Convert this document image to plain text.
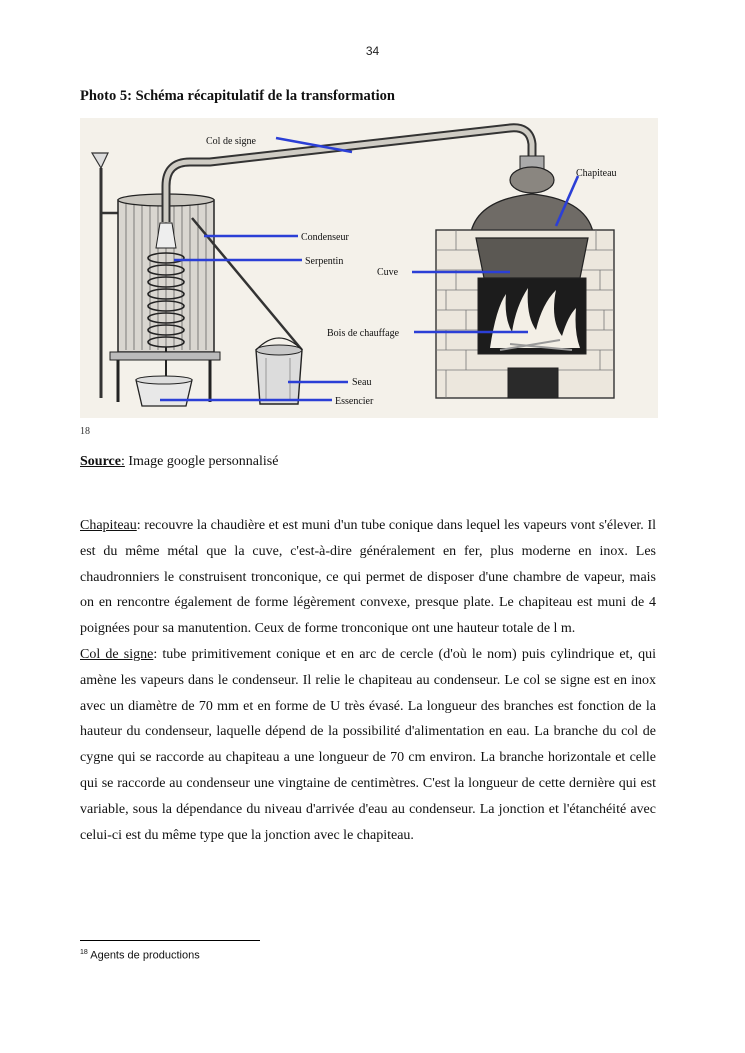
34
Photo 5: Schéma récapitulatif de la transformation
Col de signe
Chapiteau
Condenseur
Serpentin
Cuve
Bois de chauffage
Seau
Essencier
18
Source: Image google personnalisé

Chapiteau: recouvre la chaudière et est muni d'un tube conique dans lequel les vapeurs vont s'élever. Il est du même métal que la cuve, c'est-à-dire généralement en fer, plus moderne en inox. Les chaudronniers le construisent tronconique, ce qui permet de disposer d'une chambre de vapeur, mais on en rencontre également de forme légèrement convexe, presque plate. Le chapiteau est muni de 4 poignées pour sa manutention. Ceux de forme tronconique ont une hauteur totale de l m.

Col de signe: tube primitivement conique et en arc de cercle (d'où le nom) puis cylindrique et, qui amène les vapeurs dans le condenseur. Il relie le chapiteau au condenseur. Le col se signe est en inox avec un diamètre de 70 mm et en forme de U très évasé. La longueur des branches est fonction de la hauteur du condenseur, laquelle dépend de la possibilité d'alimentation en eau. La branche du col de cygne qui se raccorde au chapiteau a une longueur de 70 cm environ. La branche horizontale et celle qui se raccorde au condenseur une vingtaine de centimètres. C'est la longueur de cette dernière qui est variable, sous la dépendance du niveau d'arrivée d'eau au condenseur. La jonction et l'étanchéité avec celui-ci est du même type que la jonction avec le chapiteau.

$^{18}$ Agents de productions
